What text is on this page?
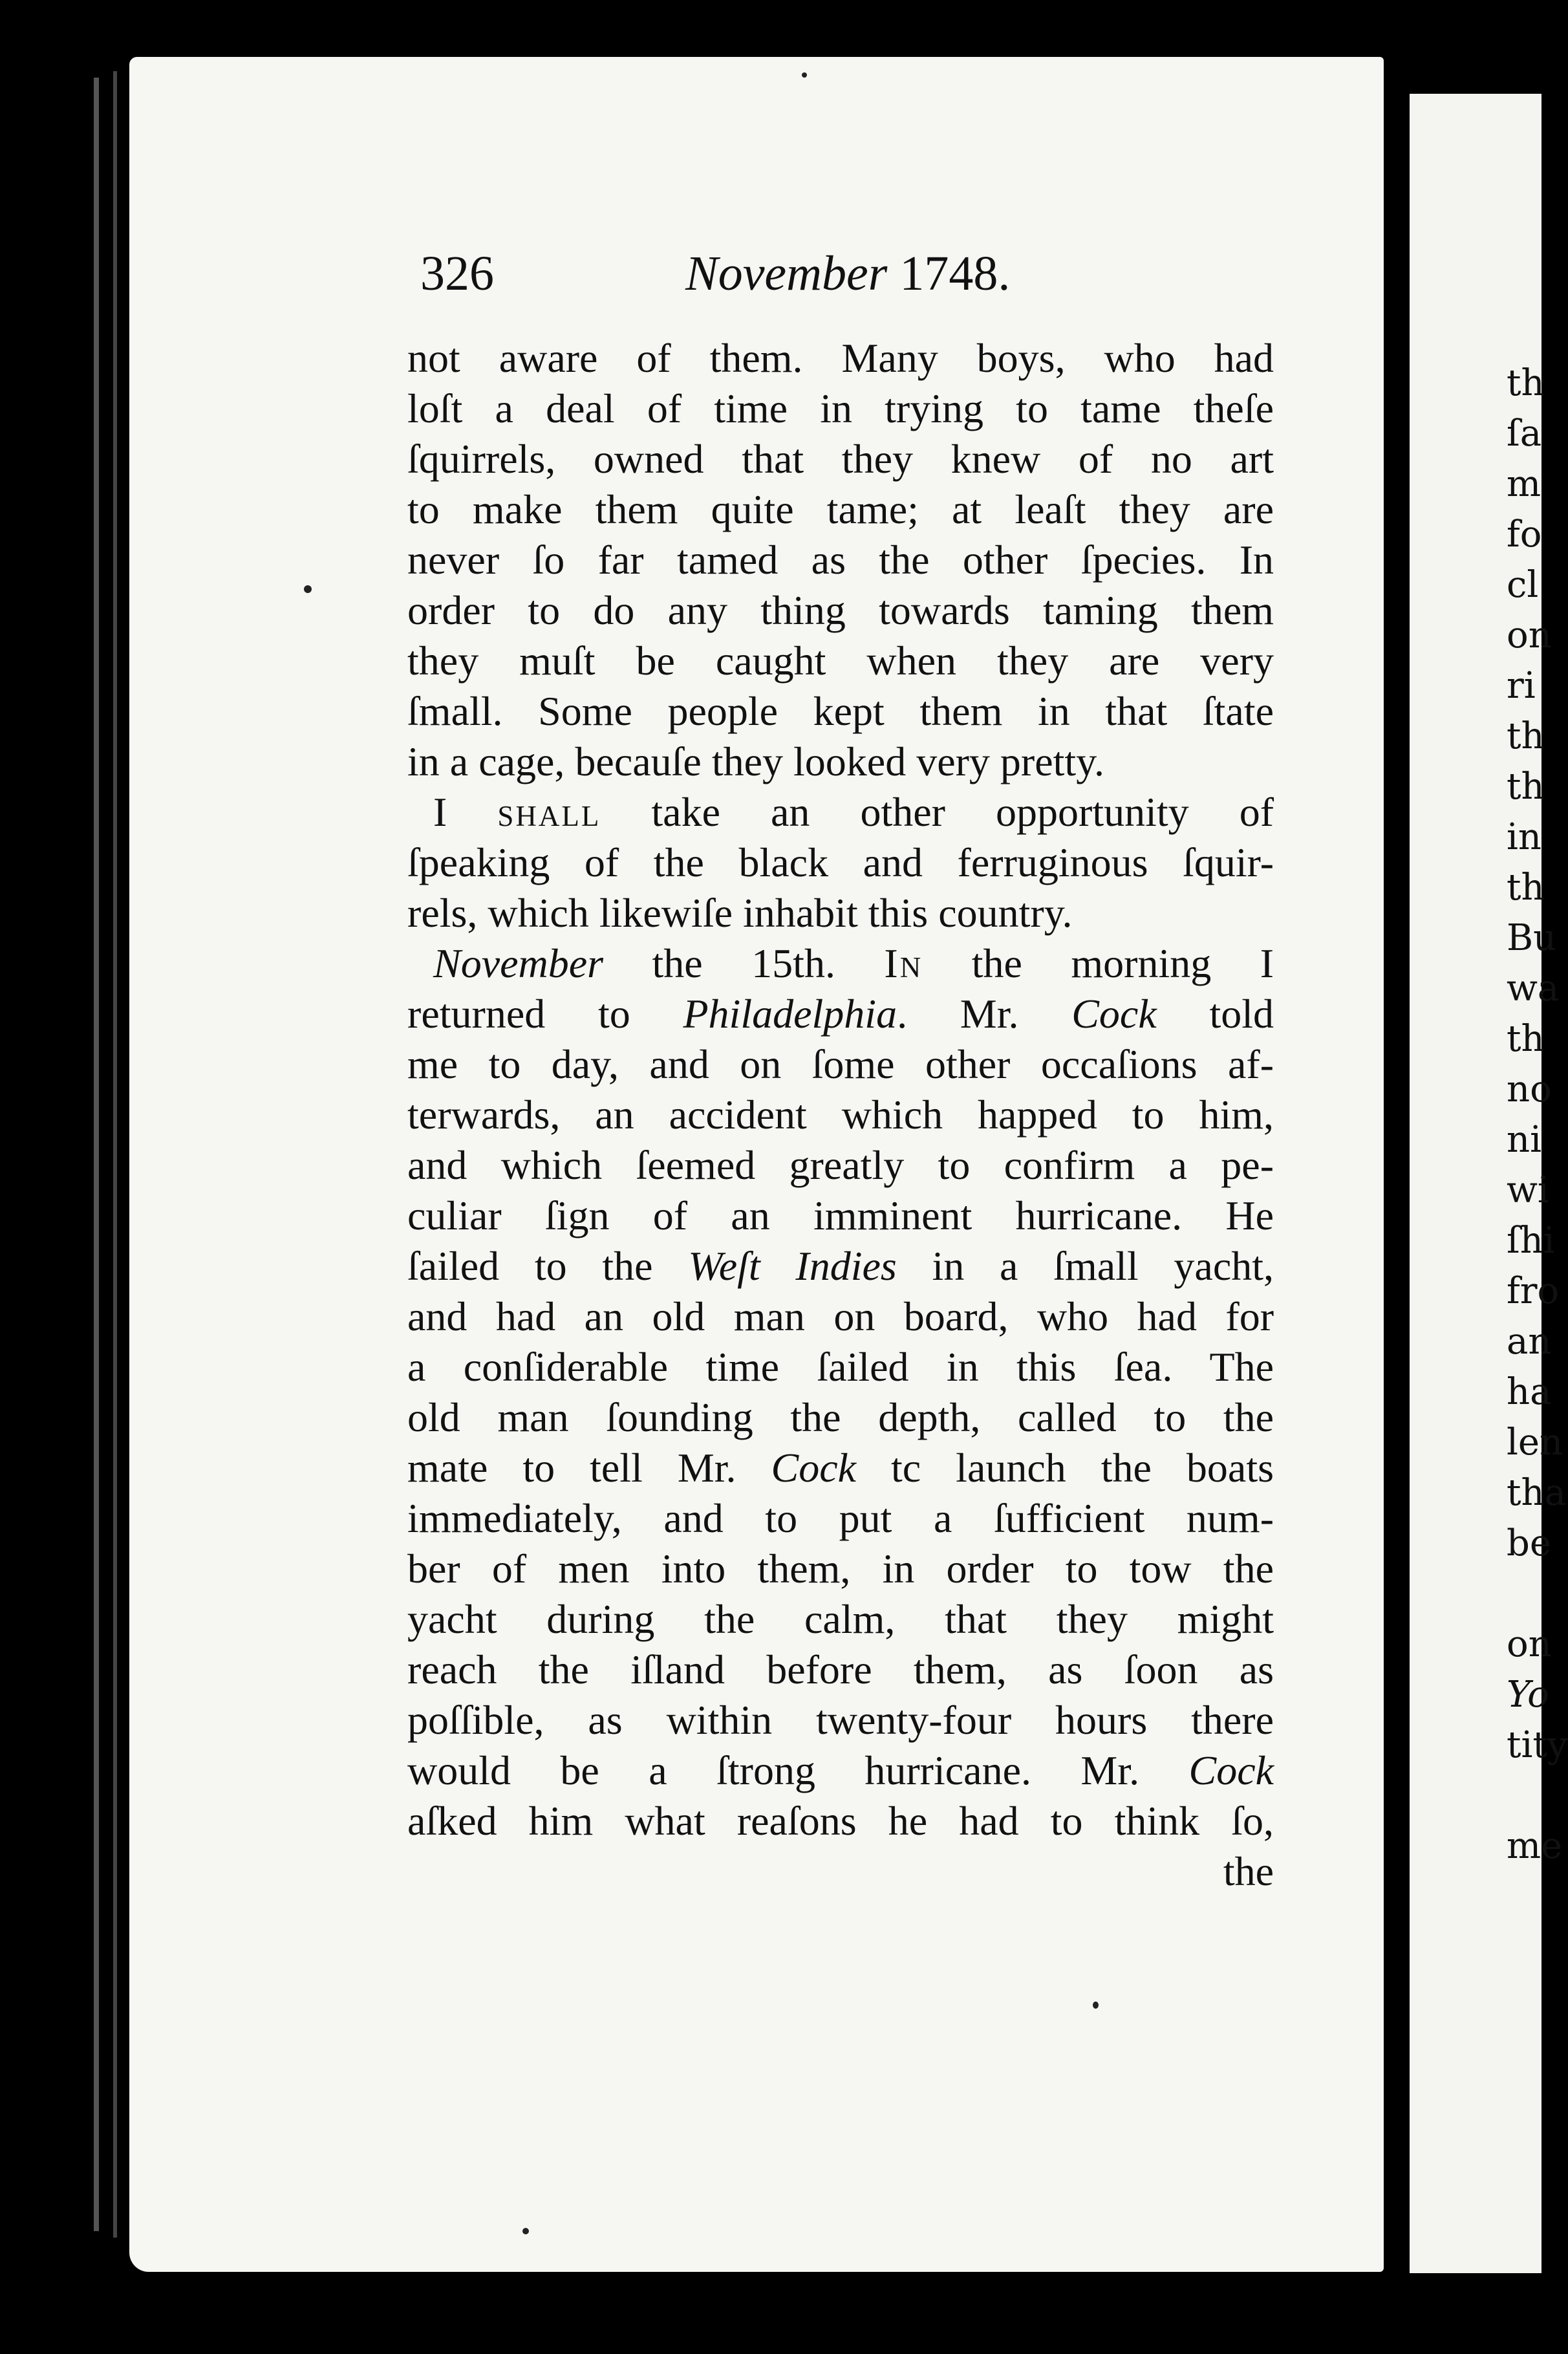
th
ſa
m
fo
cl
on
ri
th
th
in
th
Bu
wa
th
no
ni
wi
ſhi
fro
an
ha
len
tha
be
on
Yo
tity
me
326	November 1748.
not aware of them. Many boys, who had
loſt a deal of time in trying to tame theſe
ſquirrels, owned that they knew of no art
to make them quite tame; at leaſt they are
never ſo far tamed as the other ſpecies. In
order to do any thing towards taming them
they muſt be caught when they are very
ſmall. Some people kept them in that ſtate
in a cage, becauſe they looked very pretty.
I shall take an other opportunity of
ſpeaking of the black and ferruginous ſquir-
rels, which likewiſe inhabit this country.
November the 15th. In the morning I
returned to Philadelphia. Mr. Cock told
me to day, and on ſome other occaſions af-
terwards, an accident which happed to him,
and which ſeemed greatly to confirm a pe-
culiar ſign of an imminent hurricane. He
ſailed to the Weſt Indies in a ſmall yacht,
and had an old man on board, who had for
a conſiderable time ſailed in this ſea. The
old man ſounding the depth, called to the
mate to tell Mr. Cock tc launch the boats
immediately, and to put a ſufficient num-
ber of men into them, in order to tow the
yacht during the calm, that they might
reach the iſland before them, as ſoon as
poſſible, as within twenty-four hours there
would be a ſtrong hurricane. Mr. Cock
aſked him what reaſons he had to think ſo,
the
